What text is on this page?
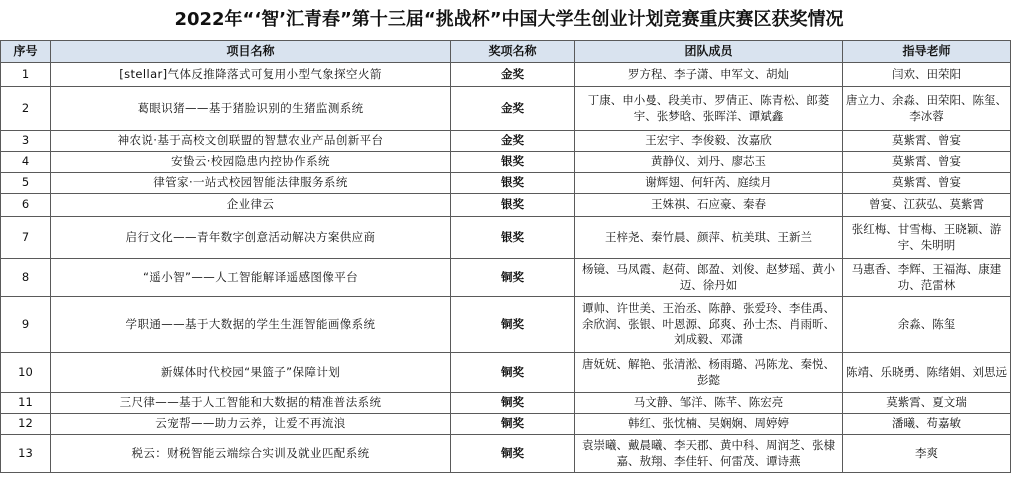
2022年“‘智’汇青春”第十三届“挑战杯”中国大学生创业计划竞赛重庆赛区获奖情况
序号	项目名称	奖项名称	团队成员	指导老师
1	[stellar]气体反推降落式可复用小型气象探空火箭	金奖	罗方程、李子潇、申军文、胡灿	闫欢、田荣阳
2	葛眼识猪——基于猪脸识别的生猪监测系统	金奖	丁康、申小曼、段美市、罗倩正、陈青松、郎菱宇、张梦晗、张晖洋、谭斌鑫	唐立力、余淼、田荣阳、陈玺、李冰蓉
3	神农说·基于高校文创联盟的智慧农业产品创新平台	金奖	王宏宇、李俊毅、汝嘉欣	莫紫霄、曾宴
4	安蛰云·校园隐患内控协作系统	银奖	黄静仪、刘丹、廖芯玉	莫紫霄、曾宴
5	律管家·一站式校园智能法律服务系统	银奖	谢辉翅、何轩芮、庭续月	莫紫霄、曾宴
6	企业律云	银奖	王姝祺、石应豪、秦春	曾宴、江荻弘、莫紫霄
7	启行文化——青年数字创意活动解决方案供应商	银奖	王梓尧、秦竹晨、颜萍、杭美琪、王新兰	张红梅、甘雪梅、王晓颖、游宇、朱明明
8	“遥小智”——人工智能解译遥感图像平台	铜奖	杨镜、马凤霞、赵荷、郎盈、刘俊、赵梦瑶、黄小迈、徐丹如	马惠香、李辉、王福海、康建功、范雷林
9	学职通——基于大数据的学生生涯智能画像系统	铜奖	谭帅、许世美、王治丞、陈静、张爱玲、李佳禹、余欣润、张银、叶恩源、邱爽、孙士杰、肖雨昕、刘成毅、邓潇	余淼、陈玺
10	新媒体时代校园“果篮子”保障计划	铜奖	唐妩妩、解艳、张清淞、杨雨璐、冯陈龙、秦悦、彭懿	陈靖、乐晓勇、陈绪娟、刘思远
11	三尺律——基于人工智能和大数据的精准普法系统	铜奖	马文静、邹洋、陈芊、陈宏亮	莫紫霄、夏文瑞
12	云宠帮——助力云养，让爱不再流浪	铜奖	韩红、张忱楠、吴娴娴、周婷婷	潘曦、苟嘉敏
13	税云：财税智能云端综合实训及就业匹配系统	铜奖	袁崇曦、戴晨曦、李天郡、黄中科、周润芝、张棣嘉、敖翔、李佳轩、何雷茂、谭诗燕	李爽
